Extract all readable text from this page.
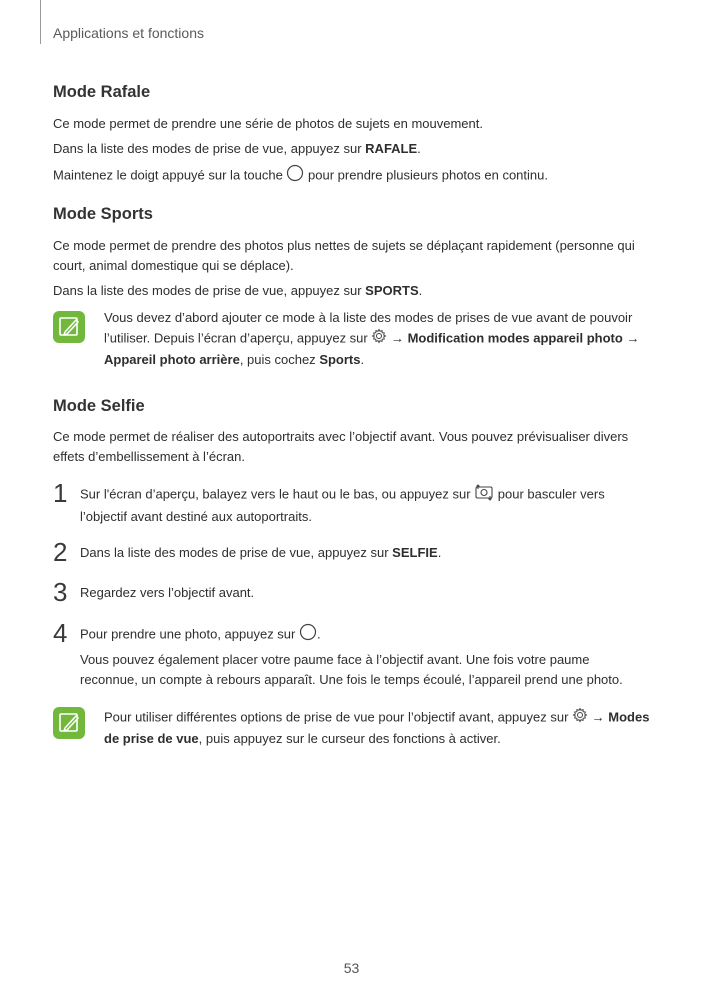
Applications et fonctions
Mode Rafale
Ce mode permet de prendre une série de photos de sujets en mouvement.
Dans la liste des modes de prise de vue, appuyez sur RAFALE.
Maintenez le doigt appuyé sur la touche  pour prendre plusieurs photos en continu.
Mode Sports
Ce mode permet de prendre des photos plus nettes de sujets se déplaçant rapidement (personne qui court, animal domestique qui se déplace).
Dans la liste des modes de prise de vue, appuyez sur SPORTS.
Vous devez d’abord ajouter ce mode à la liste des modes de prises de vue avant de pouvoir l’utiliser. Depuis l’écran d’aperçu, appuyez sur  → Modification modes appareil photo → Appareil photo arrière, puis cochez Sports.
Mode Selfie
Ce mode permet de réaliser des autoportraits avec l’objectif avant. Vous pouvez prévisualiser divers effets d’embellissement à l’écran.
1 Sur l'écran d’aperçu, balayez vers le haut ou le bas, ou appuyez sur  pour basculer vers l’objectif avant destiné aux autoportraits.
2 Dans la liste des modes de prise de vue, appuyez sur SELFIE.
3 Regardez vers l’objectif avant.
4 Pour prendre une photo, appuyez sur .
Vous pouvez également placer votre paume face à l’objectif avant. Une fois votre paume reconnue, un compte à rebours apparaît. Une fois le temps écoulé, l’appareil prend une photo.
Pour utiliser différentes options de prise de vue pour l’objectif avant, appuyez sur  → Modes de prise de vue, puis appuyez sur le curseur des fonctions à activer.
53
